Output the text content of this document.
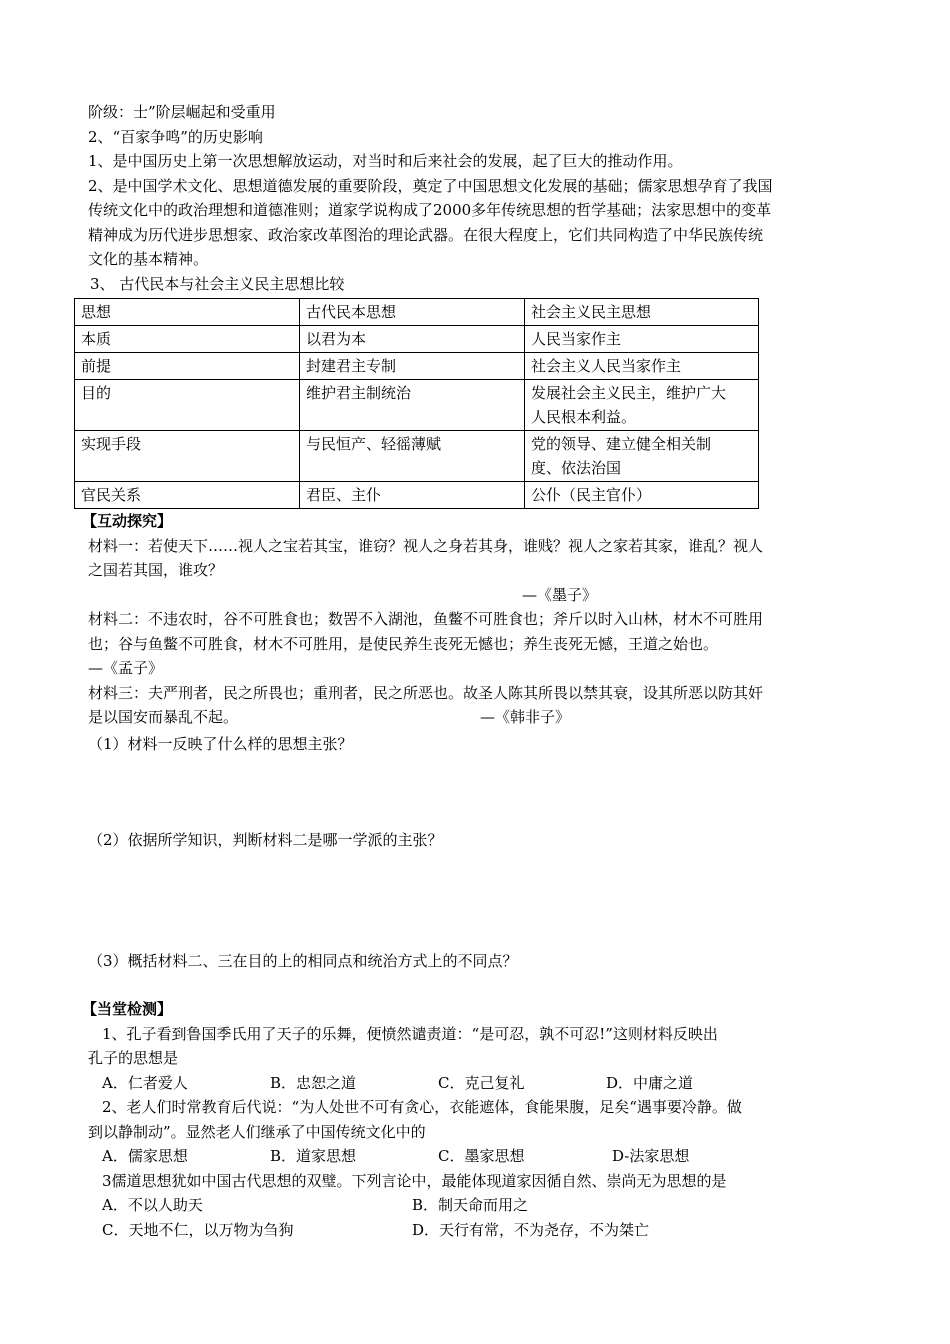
阶级：士”阶层崛起和受重用
2、“百家争鸣”的历史影响
1、是中国历史上第一次思想解放运动，对当时和后来社会的发展，起了巨大的推动作用。
2、是中国学术文化、思想道德发展的重要阶段，奠定了中国思想文化发展的基础；儒家思想孕育了我国
传统文化中的政治理想和道德准则；道家学说构成了2000多年传统思想的哲学基础；法家思想中的变革
精神成为历代进步思想家、政治家改革图治的理论武器。在很大程度上，它们共同构造了中华民族传统
文化的基本精神。
3、 古代民本与社会主义民主思想比较
思想	古代民本思想	社会主义民主思想
本质	以君为本	人民当家作主
前提	封建君主专制	社会主义人民当家作主
目的	维护君主制统治	发展社会主义民主，维护广大
人民根本利益。
实现手段	与民恒产、轻徭薄赋	党的领导、建立健全相关制
度、依法治国
官民关系	君臣、主仆	公仆（民主官仆）
【互动探究】
材料一：若使天下……视人之宝若其宝，谁窃？视人之身若其身，谁贱？视人之家若其家，谁乱？视人
之国若其国，谁攻？
—《墨子》
材料二：不违农时，谷不可胜食也；数罟不入湖池，鱼鳖不可胜食也；斧斤以时入山林，材木不可胜用
也；谷与鱼鳖不可胜食，材木不可胜用，是使民养生丧死无憾也；养生丧死无憾，王道之始也。
—《孟子》
材料三：夫严刑者，民之所畏也；重刑者，民之所恶也。故圣人陈其所畏以禁其衰，设其所恶以防其奸
是以国安而暴乱不起。	—《韩非子》
（1）材料一反映了什么样的思想主张？
（2）依据所学知识，判断材料二是哪一学派的主张？
（3）概括材料二、三在目的上的相同点和统治方式上的不同点？
【当堂检测】
1、孔子看到鲁国季氏用了天子的乐舞，便愤然谴责道：“是可忍，孰不可忍!”这则材料反映出
孔子的思想是
A．仁者爱人	B．忠恕之道	C．克己复礼	D．中庸之道
2、老人们时常教育后代说：“为人处世不可有贪心，衣能遮体，食能果腹，足矣“遇事要冷静。做
到以静制动”。显然老人们继承了中国传统文化中的
A．儒家思想	B．道家思想	C．墨家思想	D-法家思想
3儒道思想犹如中国古代思想的双璧。下列言论中，最能体现道家因循自然、崇尚无为思想的是
A．不以人助天	B．制天命而用之
C．天地不仁，以万物为刍狗	D．天行有常，不为尧存，不为桀亡
